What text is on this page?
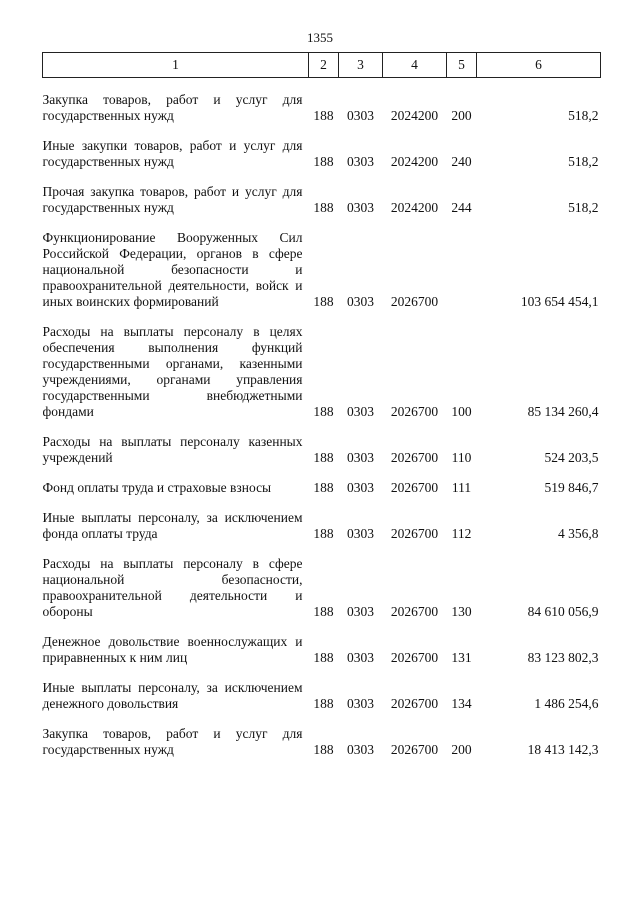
1355
1	2	3	4	5	6

Закупка товаров, работ и услуг для государственных нужд	188	0303	2024200	200	518,2

Иные закупки товаров, работ и услуг для государственных нужд	188	0303	2024200	240	518,2

Прочая закупка товаров, работ и услуг для государственных нужд	188	0303	2024200	244	518,2

Функционирование Вооруженных Сил Российской Федерации, органов в сфере национальной безопасности и правоохранительной деятельности, войск и иных воинских формирований	188	0303	2026700		103 654 454,1

Расходы на выплаты персоналу в целях обеспечения выполнения функций государственными органами, казенными учреждениями, органами управления государственными внебюджетными фондами	188	0303	2026700	100	85 134 260,4

Расходы на выплаты персоналу казенных учреждений	188	0303	2026700	110	524 203,5

Фонд оплаты труда и страховые взносы	188	0303	2026700	111	519 846,7

Иные выплаты персоналу, за исключением фонда оплаты труда	188	0303	2026700	112	4 356,8

Расходы на выплаты персоналу в сфере национальной безопасности, правоохранительной деятельности и обороны	188	0303	2026700	130	84 610 056,9

Денежное довольствие военнослужащих и приравненных к ним лиц	188	0303	2026700	131	83 123 802,3

Иные выплаты персоналу, за исключением денежного довольствия	188	0303	2026700	134	1 486 254,6

Закупка товаров, работ и услуг для государственных нужд	188	0303	2026700	200	18 413 142,3
